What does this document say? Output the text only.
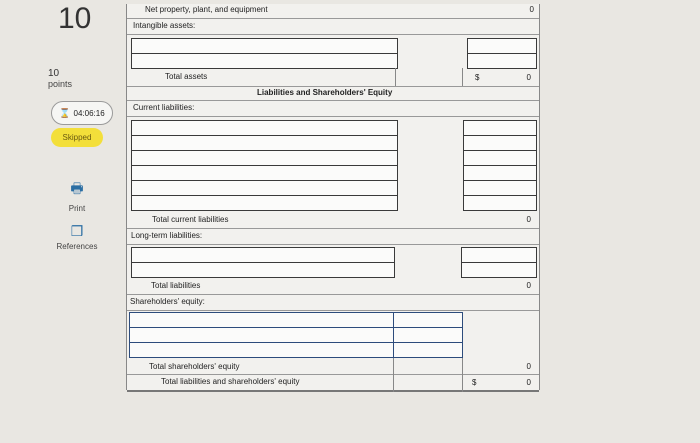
10
10
points
⌛ 04:06:16
Skipped
🖶
Print
❒
References
Net property, plant, and equipment	0
Intangible assets:
Total assets	$	0
Liabilities and Shareholders' Equity
Current liabilities:
Total current liabilities	0
Long-term liabilities:
Total liabilities	0
Shareholders' equity:
Total shareholders' equity	0
Total liabilities and shareholders' equity	$	0
